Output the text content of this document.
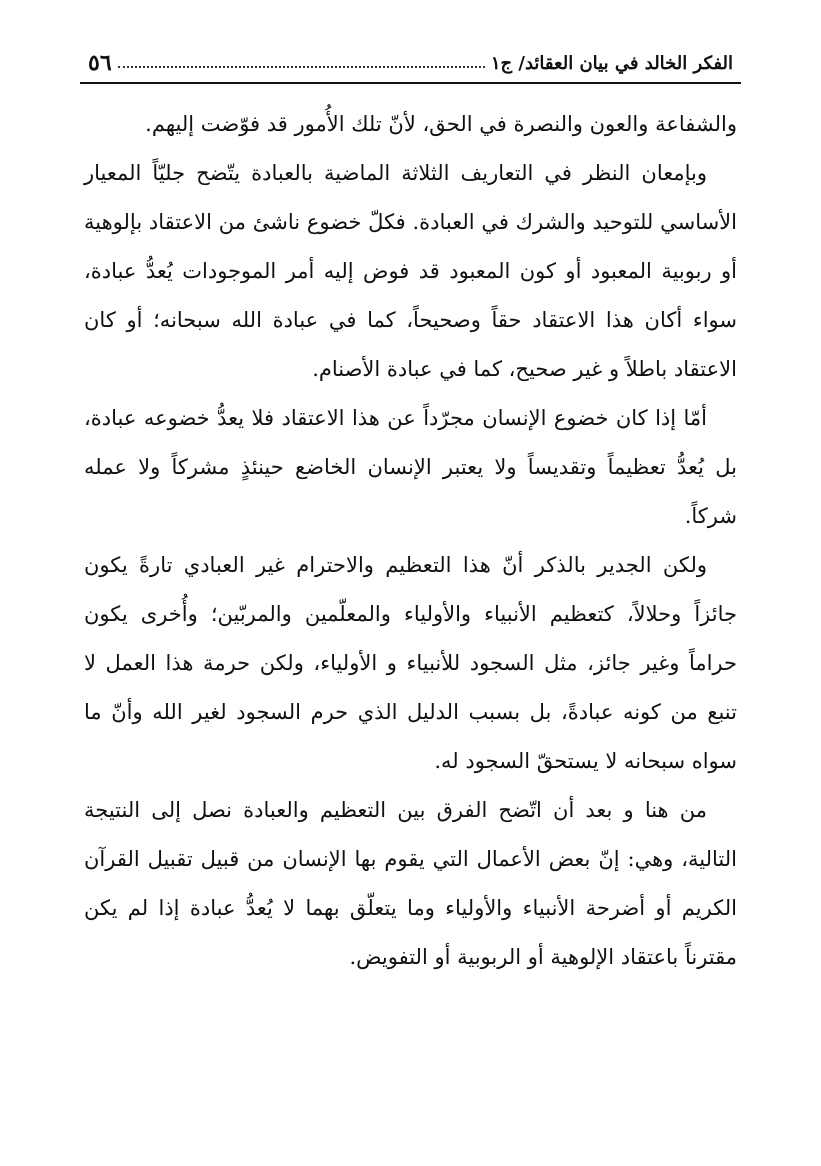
الفكر الخالد في بيان العقائد/ ج١
٥٦

والشفاعة والعون والنصرة في الحق، لأنّ تلك الأُمور قد فوّضت إليهم.

وبإمعان النظر في التعاريف الثلاثة الماضية بالعبادة يتّضح جليّاً المعيار الأساسي للتوحيد والشرك في العبادة. فكلّ خضوع ناشئ من الاعتقاد بإلوهية أو ربوبية المعبود أو كون المعبود قد فوض إليه أمر الموجودات يُعدُّ عبادة، سواء أكان هذا الاعتقاد حقاً وصحيحاً، كما في عبادة الله سبحانه؛ أو كان الاعتقاد باطلاً و غير صحيح، كما في عبادة الأصنام.

أمّا إذا كان خضوع الإنسان مجرّداً عن هذا الاعتقاد فلا يعدُّ خضوعه عبادة، بل يُعدُّ تعظيماً وتقديساً ولا يعتبر الإنسان الخاضع حينئذٍ مشركاً ولا عمله شركاً.

ولكن الجدير بالذكر أنّ هذا التعظيم والاحترام غير العبادي تارةً يكون جائزاً وحلالاً، كتعظيم الأنبياء والأولياء والمعلّمين والمربّين؛ وأُخرى يكون حراماً وغير جائز، مثل السجود للأنبياء و الأولياء، ولكن حرمة هذا العمل لا تنبع من كونه عبادةً، بل بسبب الدليل الذي حرم السجود لغير الله وأنّ ما سواه سبحانه لا يستحقّ السجود له.

من هنا و بعد أن اتّضح الفرق بين التعظيم والعبادة نصل إلى النتيجة التالية، وهي: إنّ بعض الأعمال التي يقوم بها الإنسان من قبيل تقبيل القرآن الكريم أو أضرحة الأنبياء والأولياء وما يتعلّق بهما لا يُعدُّ عبادة إذا لم يكن مقترناً باعتقاد الإلوهية أو الربوبية أو التفويض.
